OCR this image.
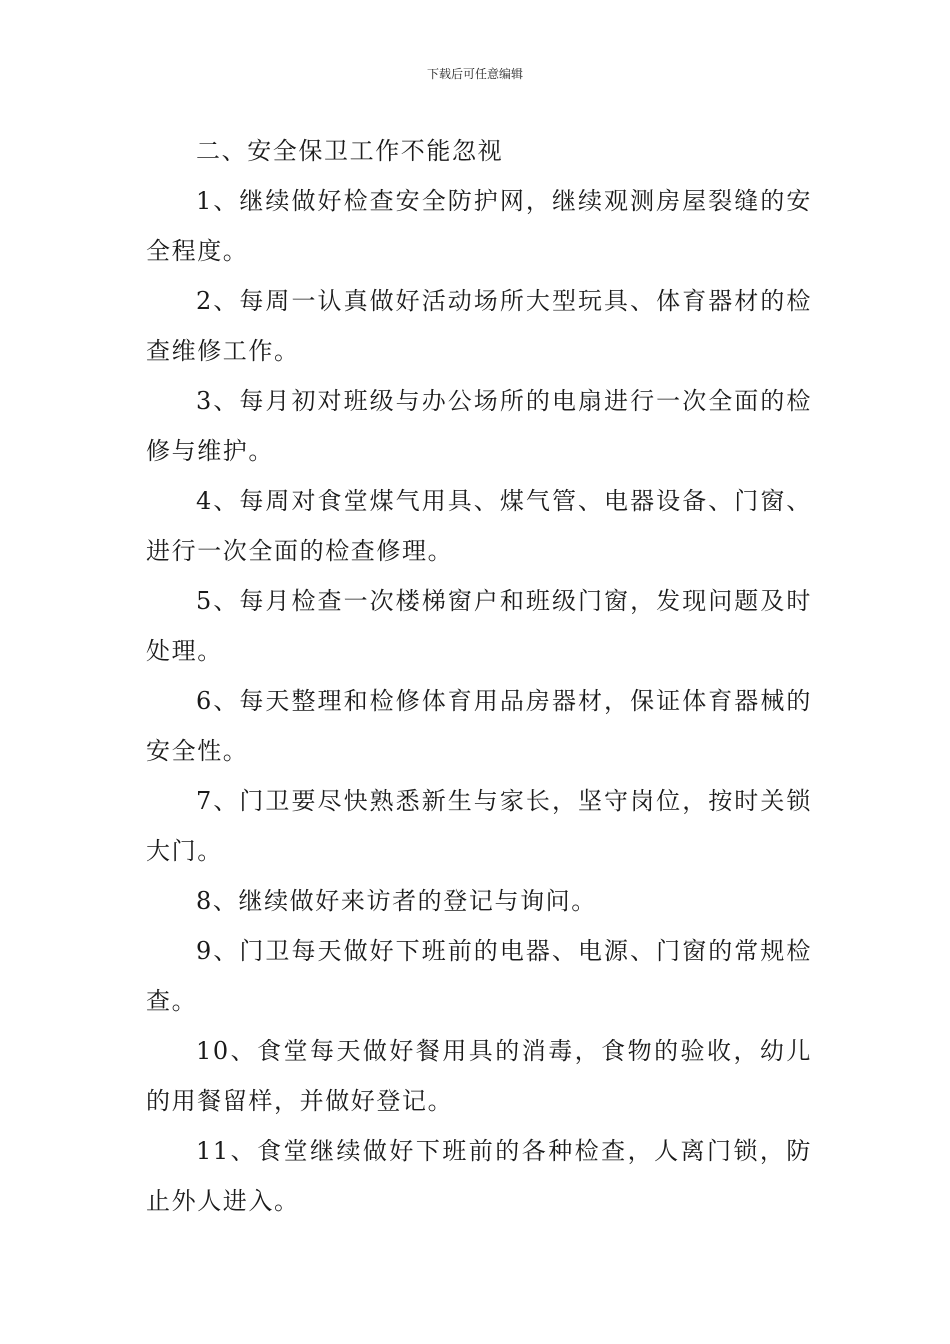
下载后可任意编辑

二、安全保卫工作不能忽视

1、继续做好检查安全防护网，继续观测房屋裂缝的安全程度。

2、每周一认真做好活动场所大型玩具、体育器材的检查维修工作。

3、每月初对班级与办公场所的电扇进行一次全面的检修与维护。

4、每周对食堂煤气用具、煤气管、电器设备、门窗、进行一次全面的检查修理。

5、每月检查一次楼梯窗户和班级门窗，发现问题及时处理。

6、每天整理和检修体育用品房器材，保证体育器械的安全性。

7、门卫要尽快熟悉新生与家长，坚守岗位，按时关锁大门。

8、继续做好来访者的登记与询问。

9、门卫每天做好下班前的电器、电源、门窗的常规检查。

10、食堂每天做好餐用具的消毒，食物的验收，幼儿的用餐留样，并做好登记。

11、食堂继续做好下班前的各种检查，人离门锁，防止外人进入。
